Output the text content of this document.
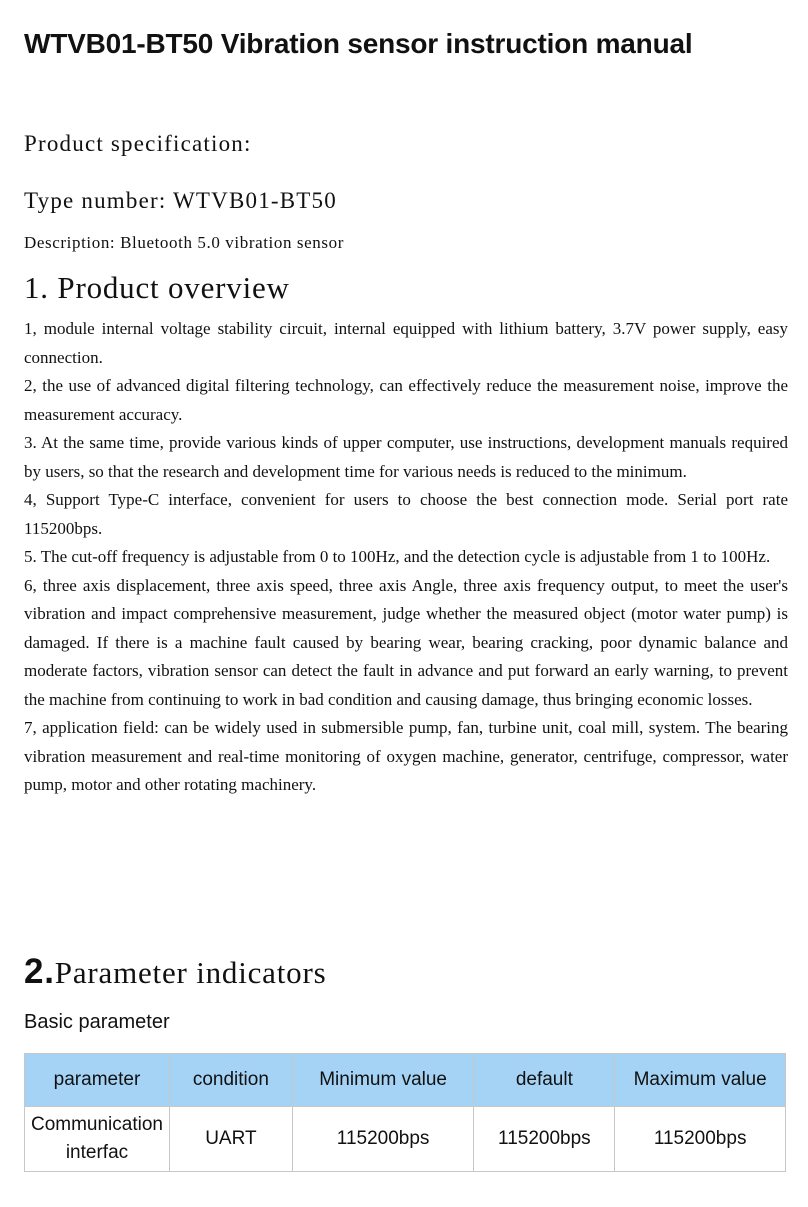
WTVB01-BT50 Vibration sensor instruction manual
Product specification:
Type number: WTVB01-BT50
Description: Bluetooth 5.0 vibration sensor
1. Product overview

1, module internal voltage stability circuit, internal equipped with lithium battery, 3.7V power supply, easy connection.

2, the use of advanced digital filtering technology, can effectively reduce the measurement noise, improve the measurement accuracy.

3. At the same time, provide various kinds of upper computer, use instructions, development manuals required by users, so that the research and development time for various needs is reduced to the minimum.

4, Support Type-C interface, convenient for users to choose the best connection mode. Serial port rate 115200bps.

5. The cut-off frequency is adjustable from 0 to 100Hz, and the detection cycle is adjustable from 1 to 100Hz.

6, three axis displacement, three axis speed, three axis Angle, three axis frequency output, to meet the user's vibration and impact comprehensive measurement, judge whether the measured object (motor water pump) is damaged. If there is a machine fault caused by bearing wear, bearing cracking, poor dynamic balance and moderate factors, vibration sensor can detect the fault in advance and put forward an early warning, to prevent the machine from continuing to work in bad condition and causing damage, thus bringing economic losses.

7, application field: can be widely used in submersible pump, fan, turbine unit, coal mill, system. The bearing vibration measurement and real-time monitoring of oxygen machine, generator, centrifuge, compressor, water pump, motor and other rotating machinery.

2.Parameter indicators
Basic parameter
parameter	condition	Minimum value	default	Maximum value
Communication interfac	UART	115200bps	115200bps	115200bps
